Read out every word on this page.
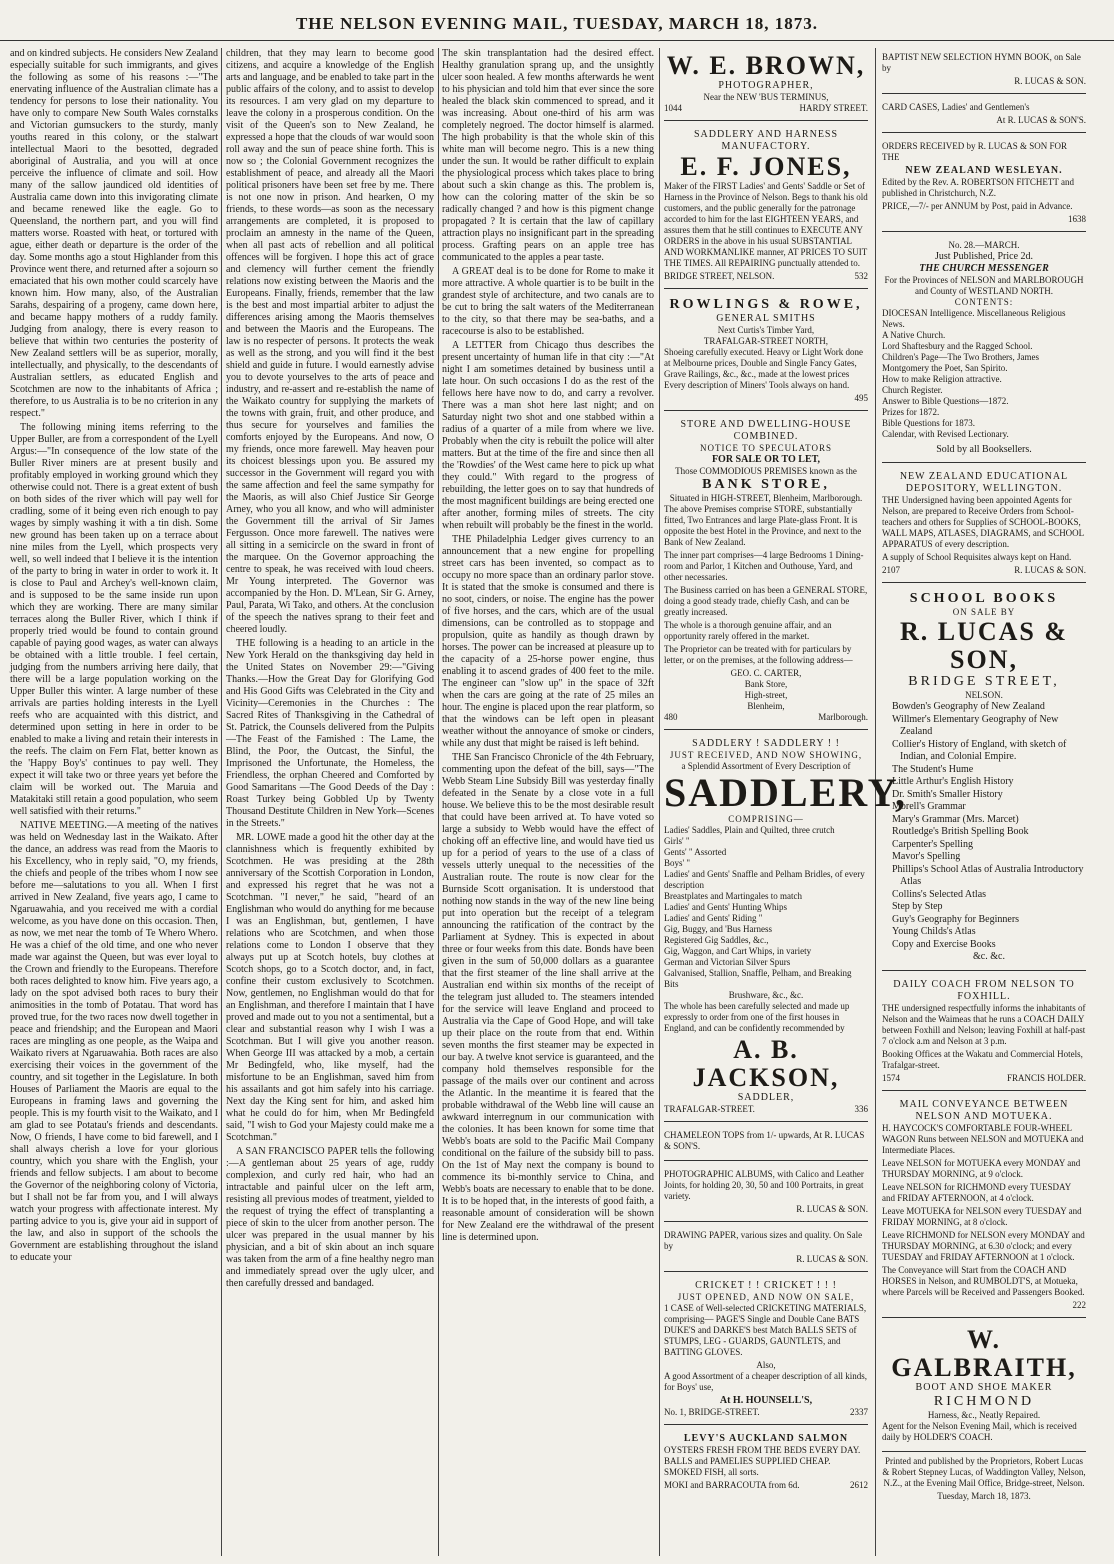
THE NELSON EVENING MAIL, TUESDAY, MARCH 18, 1873.

and on kindred subjects. He considers New Zealand especially suitable for such immigrants, and gives the following as some of his reasons :—"The enervating influence of the Australian climate has a tendency for persons to lose their nationality. You have only to compare New South Wales cornstalks and Victorian gumsuckers to the sturdy, manly youths reared in this colony, or the stalwart intellectual Maori to the besotted, degraded aboriginal of Australia, and you will at once perceive the influence of climate and soil. How many of the sallow jaundiced old identities of Australia came down into this invigorating climate and became renewed like the eagle. Go to Queensland, the northern part, and you will find matters worse. Roasted with heat, or tortured with ague, either death or departure is the order of the day. Some months ago a stout Highlander from this Province went there, and returned after a sojourn so emaciated that his own mother could scarcely have known him. How many, also, of the Australian Sarahs, despairing of a progeny, came down here, and became happy mothers of a ruddy family. Judging from analogy, there is every reason to believe that within two centuries the posterity of New Zealand settlers will be as superior, morally, intellectually, and physically, to the descendants of Australian settlers, as educated English and Scotchmen are now to the inhabitants of Africa ; therefore, to us Australia is to be no criterion in any respect."

The following mining items referring to the Upper Buller, are from a correspondent of the Lyell Argus:—"In consequence of the low state of the Buller River miners are at present busily and profitably employed in working ground which they otherwise could not. There is a great extent of bush on both sides of the river which will pay well for cradling, some of it being even rich enough to pay wages by simply washing it with a tin dish. Some new ground has been taken up on a terrace about nine miles from the Lyell, which prospects very well, so well indeed that I believe it is the intention of the party to bring in water in order to work it. It is close to Paul and Archey's well-known claim, and is supposed to be the same inside run upon which they are working. There are many similar terraces along the Buller River, which I think if properly tried would be found to contain ground capable of paying good wages, as water can always be obtained with a little trouble. I feel certain, judging from the numbers arriving here daily, that there will be a large population working on the Upper Buller this winter. A large number of these arrivals are parties holding interests in the Lyell reefs who are acquainted with this district, and determined upon setting in here in order to be enabled to make a living and retain their interests in the reefs. The claim on Fern Flat, better known as the 'Happy Boy's' continues to pay well. They expect it will take two or three years yet before the claim will be worked out. The Maruia and Matakitaki still retain a good population, who seem well satisfied with their returns."

NATIVE MEETING.—A meeting of the natives was held on Wednesday last in the Waikato. After the dance, an address was read from the Maoris to his Excellency, who in reply said, "O, my friends, the chiefs and people of the tribes whom I now see before me—salutations to you all. When I first arrived in New Zealand, five years ago, I came to Ngaruawahia, and you received me with a cordial welcome, as you have done on this occasion. Then, as now, we met near the tomb of Te Whero Whero. He was a chief of the old time, and one who never made war against the Queen, but was ever loyal to the Crown and friendly to the Europeans. Therefore both races delighted to know him. Five years ago, a lady on the spot advised both races to bury their animosities in the tomb of Potatau. That word has proved true, for the two races now dwell together in peace and friendship; and the European and Maori races are mingling as one people, as the Waipa and Waikato rivers at Ngaruawahia. Both races are also exercising their voices in the government of the country, and sit together in the Legislature. In both Houses of Parliament the Maoris are equal to the Europeans in framing laws and governing the people. This is my fourth visit to the Waikato, and I am glad to see Potatau's friends and descendants. Now, O friends, I have come to bid farewell, and I shall always cherish a love for your glorious country, which you share with the English, your friends and fellow subjects. I am about to become the Governor of the neighboring colony of Victoria, but I shall not be far from you, and I will always watch your progress with affectionate interest. My parting advice to you is, give your aid in support of the law, and also in support of the schools the Government are establishing throughout the island to educate your

children, that they may learn to become good citizens, and acquire a knowledge of the English arts and language, and be enabled to take part in the public affairs of the colony, and to assist to develop its resources. I am very glad on my departure to leave the colony in a prosperous condition. On the visit of the Queen's son to New Zealand, he expressed a hope that the clouds of war would soon roll away and the sun of peace shine forth. This is now so ; the Colonial Government recognizes the establishment of peace, and already all the Maori political prisoners have been set free by me. There is not one now in prison. And hearken, O my friends, to these words—as soon as the necessary arrangements are completed, it is proposed to proclaim an amnesty in the name of the Queen, when all past acts of rebellion and all political offences will be forgiven. I hope this act of grace and clemency will further cement the friendly relations now existing between the Maoris and the Europeans. Finally, friends, remember that the law is the best and most impartial arbiter to adjust the differences arising among the Maoris themselves and between the Maoris and the Europeans. The law is no respecter of persons. It protects the weak as well as the strong, and you will find it the best shield and guide in future. I would earnestly advise you to devote yourselves to the arts of peace and industry, and re-assert and re-establish the name of the Waikato country for supplying the markets of the towns with grain, fruit, and other produce, and thus secure for yourselves and families the comforts enjoyed by the Europeans. And now, O my friends, once more farewell. May heaven pour its choicest blessings upon you. Be assured my successor in the Government will regard you with the same affection and feel the same sympathy for the Maoris, as will also Chief Justice Sir George Arney, who you all know, and who will administer the Government till the arrival of Sir James Fergusson. Once more farewell. The natives were all sitting in a semicircle on the sward in front of the marquee. On the Governor approaching the centre to speak, he was received with loud cheers. Mr Young interpreted. The Governor was accompanied by the Hon. D. M'Lean, Sir G. Arney, Paul, Parata, Wi Tako, and others. At the conclusion of the speech the natives sprang to their feet and cheered loudly.

THE following is a heading to an article in the New York Herald on the thanksgiving day held in the United States on November 29:—"Giving Thanks.—How the Great Day for Glorifying God and His Good Gifts was Celebrated in the City and Vicinity—Ceremonies in the Churches : The Sacred Rites of Thanksgiving in the Cathedral of St. Patrick, the Counsels delivered from the Pulpits—The Feast of the Famished : The Lame, the Blind, the Poor, the Outcast, the Sinful, the Imprisoned the Unfortunate, the Homeless, the Friendless, the orphan Cheered and Comforted by Good Samaritans —The Good Deeds of the Day : Roast Turkey being Gobbled Up by Twenty Thousand Destitute Children in New York—Scenes in the Streets."

MR. LOWE made a good hit the other day at the clannishness which is frequently exhibited by Scotchmen. He was presiding at the 28th anniversary of the Scottish Corporation in London, and expressed his regret that he was not a Scotchman. "I never," he said, "heard of an Englishman who would do anything for me because I was an Englishman, but, gentlemen, I have relations who are Scotchmen, and when those relations come to London I observe that they always put up at Scotch hotels, buy clothes at Scotch shops, go to a Scotch doctor, and, in fact, confine their custom exclusively to Scotchmen. Now, gentlemen, no Englishman would do that for an Englishman, and therefore I maintain that I have proved and made out to you not a sentimental, but a clear and substantial reason why I wish I was a Scotchman. But I will give you another reason. When George III was attacked by a mob, a certain Mr Bedingfeld, who, like myself, had the misfortune to be an Englishman, saved him from his assailants and got him safely into his carriage. Next day the King sent for him, and asked him what he could do for him, when Mr Bedingfeld said, "I wish to God your Majesty could make me a Scotchman."

A SAN FRANCISCO PAPER tells the following :—A gentleman about 25 years of age, ruddy complexion, and curly red hair, who had an intractable and painful ulcer on the left arm, resisting all previous modes of treatment, yielded to the request of trying the effect of transplanting a piece of skin to the ulcer from another person. The ulcer was prepared in the usual manner by his physician, and a bit of skin about an inch square was taken from the arm of a fine healthy negro man and immediately spread over the ugly ulcer, and then carefully dressed and bandaged.

The skin transplantation had the desired effect. Healthy granulation sprang up, and the unsightly ulcer soon healed. A few months afterwards he went to his physician and told him that ever since the sore healed the black skin commenced to spread, and it was increasing. About one-third of his arm was completely negroed. The doctor himself is alarmed. The high probability is that the whole skin of this white man will become negro. This is a new thing under the sun. It would be rather difficult to explain the physiological process which takes place to bring about such a skin change as this. The problem is, how can the coloring matter of the skin be so radically changed ? and how is this pigment change propagated ? It is certain that the law of capillary attraction plays no insignificant part in the spreading process. Grafting pears on an apple tree has communicated to the apples a pear taste.

A GREAT deal is to be done for Rome to make it more attractive. A whole quartier is to be built in the grandest style of architecture, and two canals are to be cut to bring the salt waters of the Mediterranean to the city, so that there may be sea-baths, and a racecourse is also to be established.

A LETTER from Chicago thus describes the present uncertainty of human life in that city :—"At night I am sometimes detained by business until a late hour. On such occasions I do as the rest of the fellows here have now to do, and carry a revolver. There was a man shot here last night; and on Saturday night two shot and one stabbed within a radius of a quarter of a mile from where we live. Probably when the city is rebuilt the police will alter matters. But at the time of the fire and since then all the 'Rowdies' of the West came here to pick up what they could." With regard to the progress of rebuilding, the letter goes on to say that hundreds of the most magnificent buildings are being erected one after another, forming miles of streets. The city when rebuilt will probably be the finest in the world.

THE Philadelphia Ledger gives currency to an announcement that a new engine for propelling street cars has been invented, so compact as to occupy no more space than an ordinary parlor stove. It is stated that the smoke is consumed and there is no soot, cinders, or noise. The engine has the power of five horses, and the cars, which are of the usual dimensions, can be controlled as to stoppage and propulsion, quite as handily as though drawn by horses. The power can be increased at pleasure up to the capacity of a 25-horse power engine, thus enabling it to ascend grades of 400 feet to the mile. The engineer can "slow up" in the space of 32ft when the cars are going at the rate of 25 miles an hour. The engine is placed upon the rear platform, so that the windows can be left open in pleasant weather without the annoyance of smoke or cinders, while any dust that might be raised is left behind.

THE San Francisco Chronicle of the 4th February, commenting upon the defeat of the bill, says—"The Webb Steam Line Subsidy Bill was yesterday finally defeated in the Senate by a close vote in a full house. We believe this to be the most desirable result that could have been arrived at. To have voted so large a subsidy to Webb would have the effect of choking off an effective line, and would have tied us up for a period of years to the use of a class of vessels utterly unequal to the necessities of the Australian route. The route is now clear for the Burnside Scott organisation. It is understood that nothing now stands in the way of the new line being put into operation but the receipt of a telegram announcing the ratification of the contract by the Parliament at Sydney. This is expected in about three or four weeks from this date. Bonds have been given in the sum of 50,000 dollars as a guarantee that the first steamer of the line shall arrive at the Australian end within six months of the receipt of the telegram just alluded to. The steamers intended for the service will leave England and proceed to Australia via the Cape of Good Hope, and will take up their place on the route from that end. Within seven months the first steamer may be expected in our bay. A twelve knot service is guaranteed, and the company hold themselves responsible for the passage of the mails over our continent and across the Atlantic. In the meantime it is feared that the probable withdrawal of the Webb line will cause an awkward interregnum in our communication with the colonies. It has been known for some time that Webb's boats are sold to the Pacific Mail Company conditional on the failure of the subsidy bill to pass. On the 1st of May next the company is bound to commence its bi-monthly service to China, and Webb's boats are necessary to enable that to be done. It is to be hoped that, in the interests of good faith, a reasonable amount of consideration will be shown for New Zealand ere the withdrawal of the present line is determined upon.

W. E. BROWN,
PHOTOGRAPHER,
Near the NEW 'BUS TERMINUS,
1044	HARDY STREET.
SADDLERY AND HARNESS MANUFACTORY.
E. F. JONES,

Maker of the FIRST Ladies' and Gents' Saddle or Set of Harness in the Province of Nelson. Begs to thank his old customers, and the public generally for the patronage accorded to him for the last EIGHTEEN YEARS, and assures them that he still continues to EXECUTE ANY ORDERS in the above in his usual SUBSTANTIAL AND WORKMANLIKE manner, AT PRICES TO SUIT THE TIMES. All REPAIRING punctually attended to.

BRIDGE STREET, NELSON.	532
ROWLINGS & ROWE,
GENERAL SMITHS
Next Curtis's Timber Yard,
TRAFALGAR-STREET NORTH,

Shoeing carefully executed. Heavy or Light Work done at Melbourne prices, Double and Single Fancy Gates, Grave Railings, &c., &c., made at the lowest prices Every description of Miners' Tools always on hand.

495
STORE AND DWELLING-HOUSE COMBINED.
NOTICE TO SPECULATORS
FOR SALE OR TO LET,
Those COMMODIOUS PREMISES known as the
BANK STORE,
Situated in HIGH-STREET, Blenheim, Marlborough.

The above Premises comprise STORE, substantially fitted, Two Entrances and large Plate-glass Front. It is opposite the best Hotel in the Province, and next to the Bank of New Zealand.

The inner part comprises—4 large Bedrooms 1 Dining-room and Parlor, 1 Kitchen and Outhouse, Yard, and other necessaries.

The Business carried on has been a GENERAL STORE, doing a good steady trade, chiefly Cash, and can be greatly increased.

The whole is a thorough genuine affair, and an opportunity rarely offered in the market.

The Proprietor can be treated with for particulars by letter, or on the premises, at the following address—

GEO. C. CARTER,
Bank Store,
High-street,
Blenheim,
480	Marlborough.
SADDLERY ! SADDLERY ! !
JUST RECEIVED, AND NOW SHOWING,
a Splendid Assortment of Every Description of
SADDLERY,
COMPRISING—
Ladies' Saddles, Plain and Quilted, three crutch
Girls' "
Gents' " Assorted
Boys' "
Ladies' and Gents' Snaffle and Pelham Bridles, of every description
Breastplates and Martingales to match
Ladies' and Gents' Hunting Whips
Ladies' and Gents' Riding "
Gig, Buggy, and 'Bus Harness
Registered Gig Saddles, &c.,
Gig, Waggon, and Cart Whips, in variety
German and Victorian Silver Spurs
Galvanised, Stallion, Snaffle, Pelham, and Breaking Bits
Brushware, &c., &c.

The whole has been carefully selected and made up expressly to order from one of the first houses in England, and can be confidently recommended by

A. B. JACKSON,
SADDLER,
TRAFALGAR-STREET.	336

CHAMELEON TOPS from 1/- upwards, At R. LUCAS & SON'S.

PHOTOGRAPHIC ALBUMS, with Calico and Leather Joints, for holding 20, 30, 50 and 100 Portraits, in great variety.

R. LUCAS & SON.

DRAWING PAPER, various sizes and quality. On Sale by

R. LUCAS & SON.
CRICKET ! ! CRICKET ! ! !
JUST OPENED, AND NOW ON SALE,

1 CASE of Well-selected CRICKETING MATERIALS, comprising— PAGE'S Single and Double Cane BATS DUKE'S and DARKE'S best Match BALLS SETS of STUMPS, LEG - GUARDS, GAUNTLETS, and BATTING GLOVES.

Also,

A good Assortment of a cheaper description of all kinds, for Boys' use,

At H. HOUNSELL'S,
No. 1, BRIDGE-STREET.	2337
LEVY'S AUCKLAND SALMON

OYSTERS FRESH FROM THE BEDS EVERY DAY. BALLS and PAMELIES SUPPLIED CHEAP. SMOKED FISH, all sorts.

MOKI and BARRACOUTA from 6d.	2612

BAPTIST NEW SELECTION HYMN BOOK, on Sale by

R. LUCAS & SON.

CARD CASES, Ladies' and Gentlemen's

At R. LUCAS & SON'S.

ORDERS RECEIVED by R. LUCAS & SON FOR THE

NEW ZEALAND WESLEYAN.

Edited by the Rev. A. ROBERTSON FITCHETT and published in Christchurch, N.Z.

PRICE,—7/- per ANNUM by Post, paid in Advance.

1638
No. 28.—MARCH.
Just Published, Price 2d.
THE CHURCH MESSENGER
For the Provinces of NELSON and MARLBOROUGH and County of WESTLAND NORTH.
CONTENTS:
DIOCESAN Intelligence. Miscellaneous Religious News.
A Native Church.
Lord Shaftesbury and the Ragged School.
Children's Page—The Two Brothers, James Montgomery the Poet, San Spirito.
How to make Religion attractive.
Church Register.
Answer to Bible Questions—1872.
Prizes for 1872.
Bible Questions for 1873.
Calendar, with Revised Lectionary.
Sold by all Booksellers.
NEW ZEALAND EDUCATIONAL DEPOSITORY, WELLINGTON.

THE Undersigned having been appointed Agents for Nelson, are prepared to Receive Orders from School-teachers and others for Supplies of SCHOOL-BOOKS, WALL MAPS, ATLASES, DIAGRAMS, and SCHOOL APPARATUS of every description.

A supply of School Requisites always kept on Hand.

2107	R. LUCAS & SON.
SCHOOL BOOKS
ON SALE BY
R. LUCAS & SON,
BRIDGE STREET,
NELSON.
Bowden's Geography of New Zealand
Willmer's Elementary Geography of New Zealand
Collier's History of England, with sketch of Indian, and Colonial Empire.
The Student's Hume
Little Arthur's English History
Dr. Smith's Smaller History
Morell's Grammar
Mary's Grammar (Mrs. Marcet)
Routledge's British Spelling Book
Carpenter's Spelling
Mavor's Spelling
Phillips's School Atlas of Australia Introductory Atlas
Collins's Selected Atlas
Step by Step
Guy's Geography for Beginners
Young Childs's Atlas
Copy and Exercise Books
&c. &c.
DAILY COACH FROM NELSON TO FOXHILL.

THE undersigned respectfully informs the inhabitants of Nelson and the Waimeas that he runs a COACH DAILY between Foxhill and Nelson; leaving Foxhill at half-past 7 o'clock a.m and Nelson at 3 p.m.

Booking Offices at the Wakatu and Commercial Hotels, Trafalgar-street.

1574	FRANCIS HOLDER.
MAIL CONVEYANCE BETWEEN NELSON AND MOTUEKA.

H. HAYCOCK'S COMFORTABLE FOUR-WHEEL WAGON Runs between NELSON and MOTUEKA and Intermediate Places.

Leave NELSON for MOTUEKA every MONDAY and THURSDAY MORNING, at 9 o'clock.

Leave NELSON for RICHMOND every TUESDAY and FRIDAY AFTERNOON, at 4 o'clock.

Leave MOTUEKA for NELSON every TUESDAY and FRIDAY MORNING, at 8 o'clock.

Leave RICHMOND for NELSON every MONDAY and THURSDAY MORNING, at 6.30 o'clock; and every TUESDAY and FRIDAY AFTERNOON at 1 o'clock.

The Conveyance will Start from the COACH AND HORSES in Nelson, and RUMBOLDT'S, at Motueka, where Parcels will be Received and Passengers Booked.

222
W. GALBRAITH,
BOOT AND SHOE MAKER
RICHMOND
Harness, &c., Neatly Repaired.

Agent for the Nelson Evening Mail, which is received daily by HOLDER'S COACH.

Printed and published by the Proprietors, Robert Lucas & Robert Stepney Lucas, of Waddington Valley, Nelson, N.Z., at the Evening Mail Office, Bridge-street, Nelson.

Tuesday, March 18, 1873.
